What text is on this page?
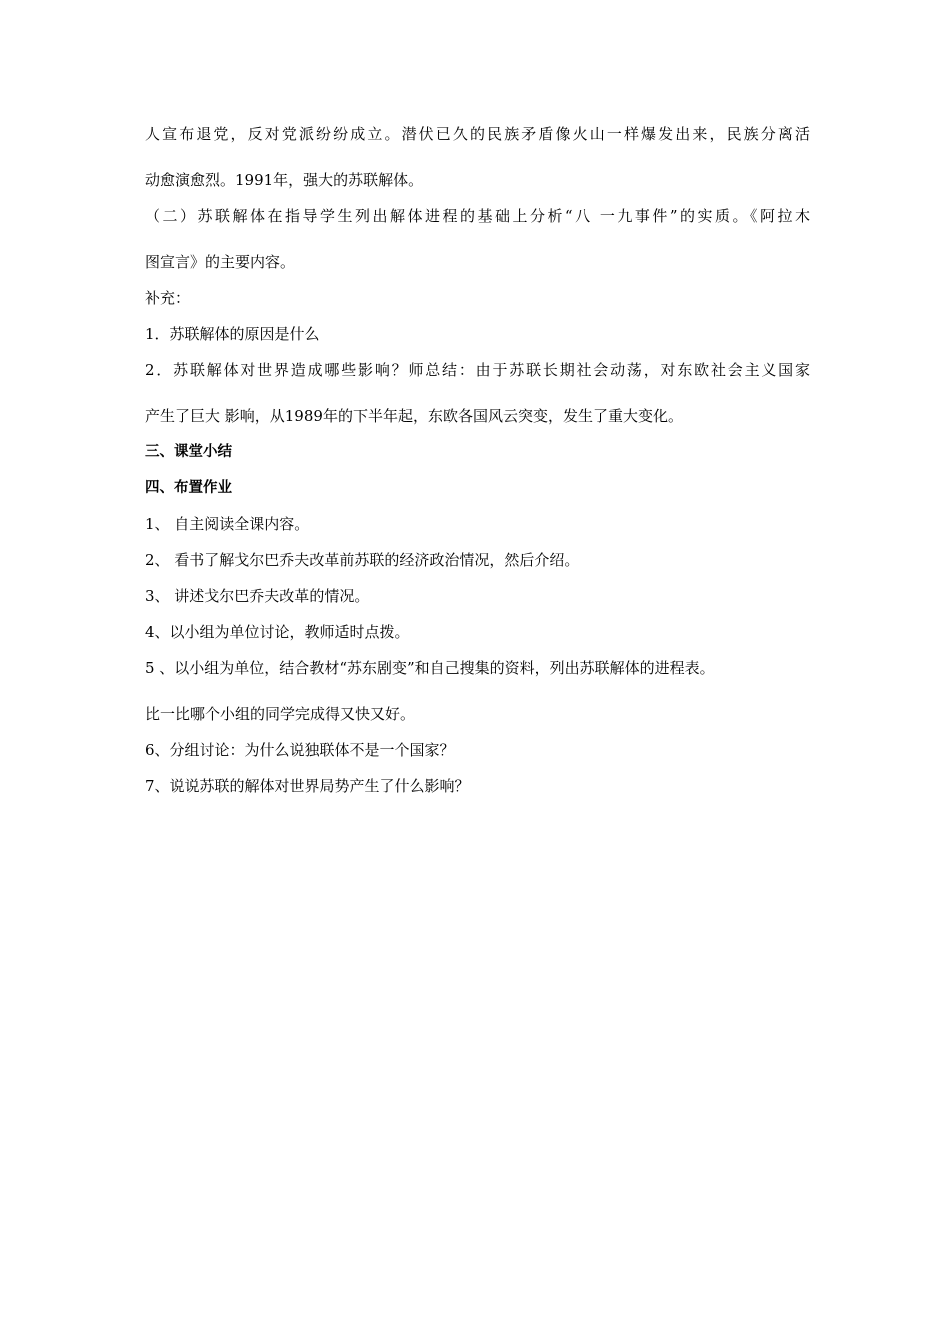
人宣布退党，反对党派纷纷成立。潜伏已久的民族矛盾像火山一样爆发出来，民族分离活

动愈演愈烈。1991年，强大的苏联解体。

（二）苏联解体在指导学生列出解体进程的基础上分析“八 一九事件”的实质。《阿拉木

图宣言》的主要内容。

补充：

1．苏联解体的原因是什么

2．苏联解体对世界造成哪些影响？师总结：由于苏联长期社会动荡，对东欧社会主义国家

产生了巨大 影响，从1989年的下半年起，东欧各国风云突变，发生了重大变化。

三、课堂小结

四、布置作业

1、 自主阅读全课内容。

2、 看书了解戈尔巴乔夫改革前苏联的经济政治情况，然后介绍。

3、 讲述戈尔巴乔夫改革的情况。

4、以小组为单位讨论，教师适时点拨。

5 、以小组为单位，结合教材“苏东剧变”和自己搜集的资料，列出苏联解体的进程表。

比一比哪个小组的同学完成得又快又好。

6、分组讨论：为什么说独联体不是一个国家？

7、说说苏联的解体对世界局势产生了什么影响？
